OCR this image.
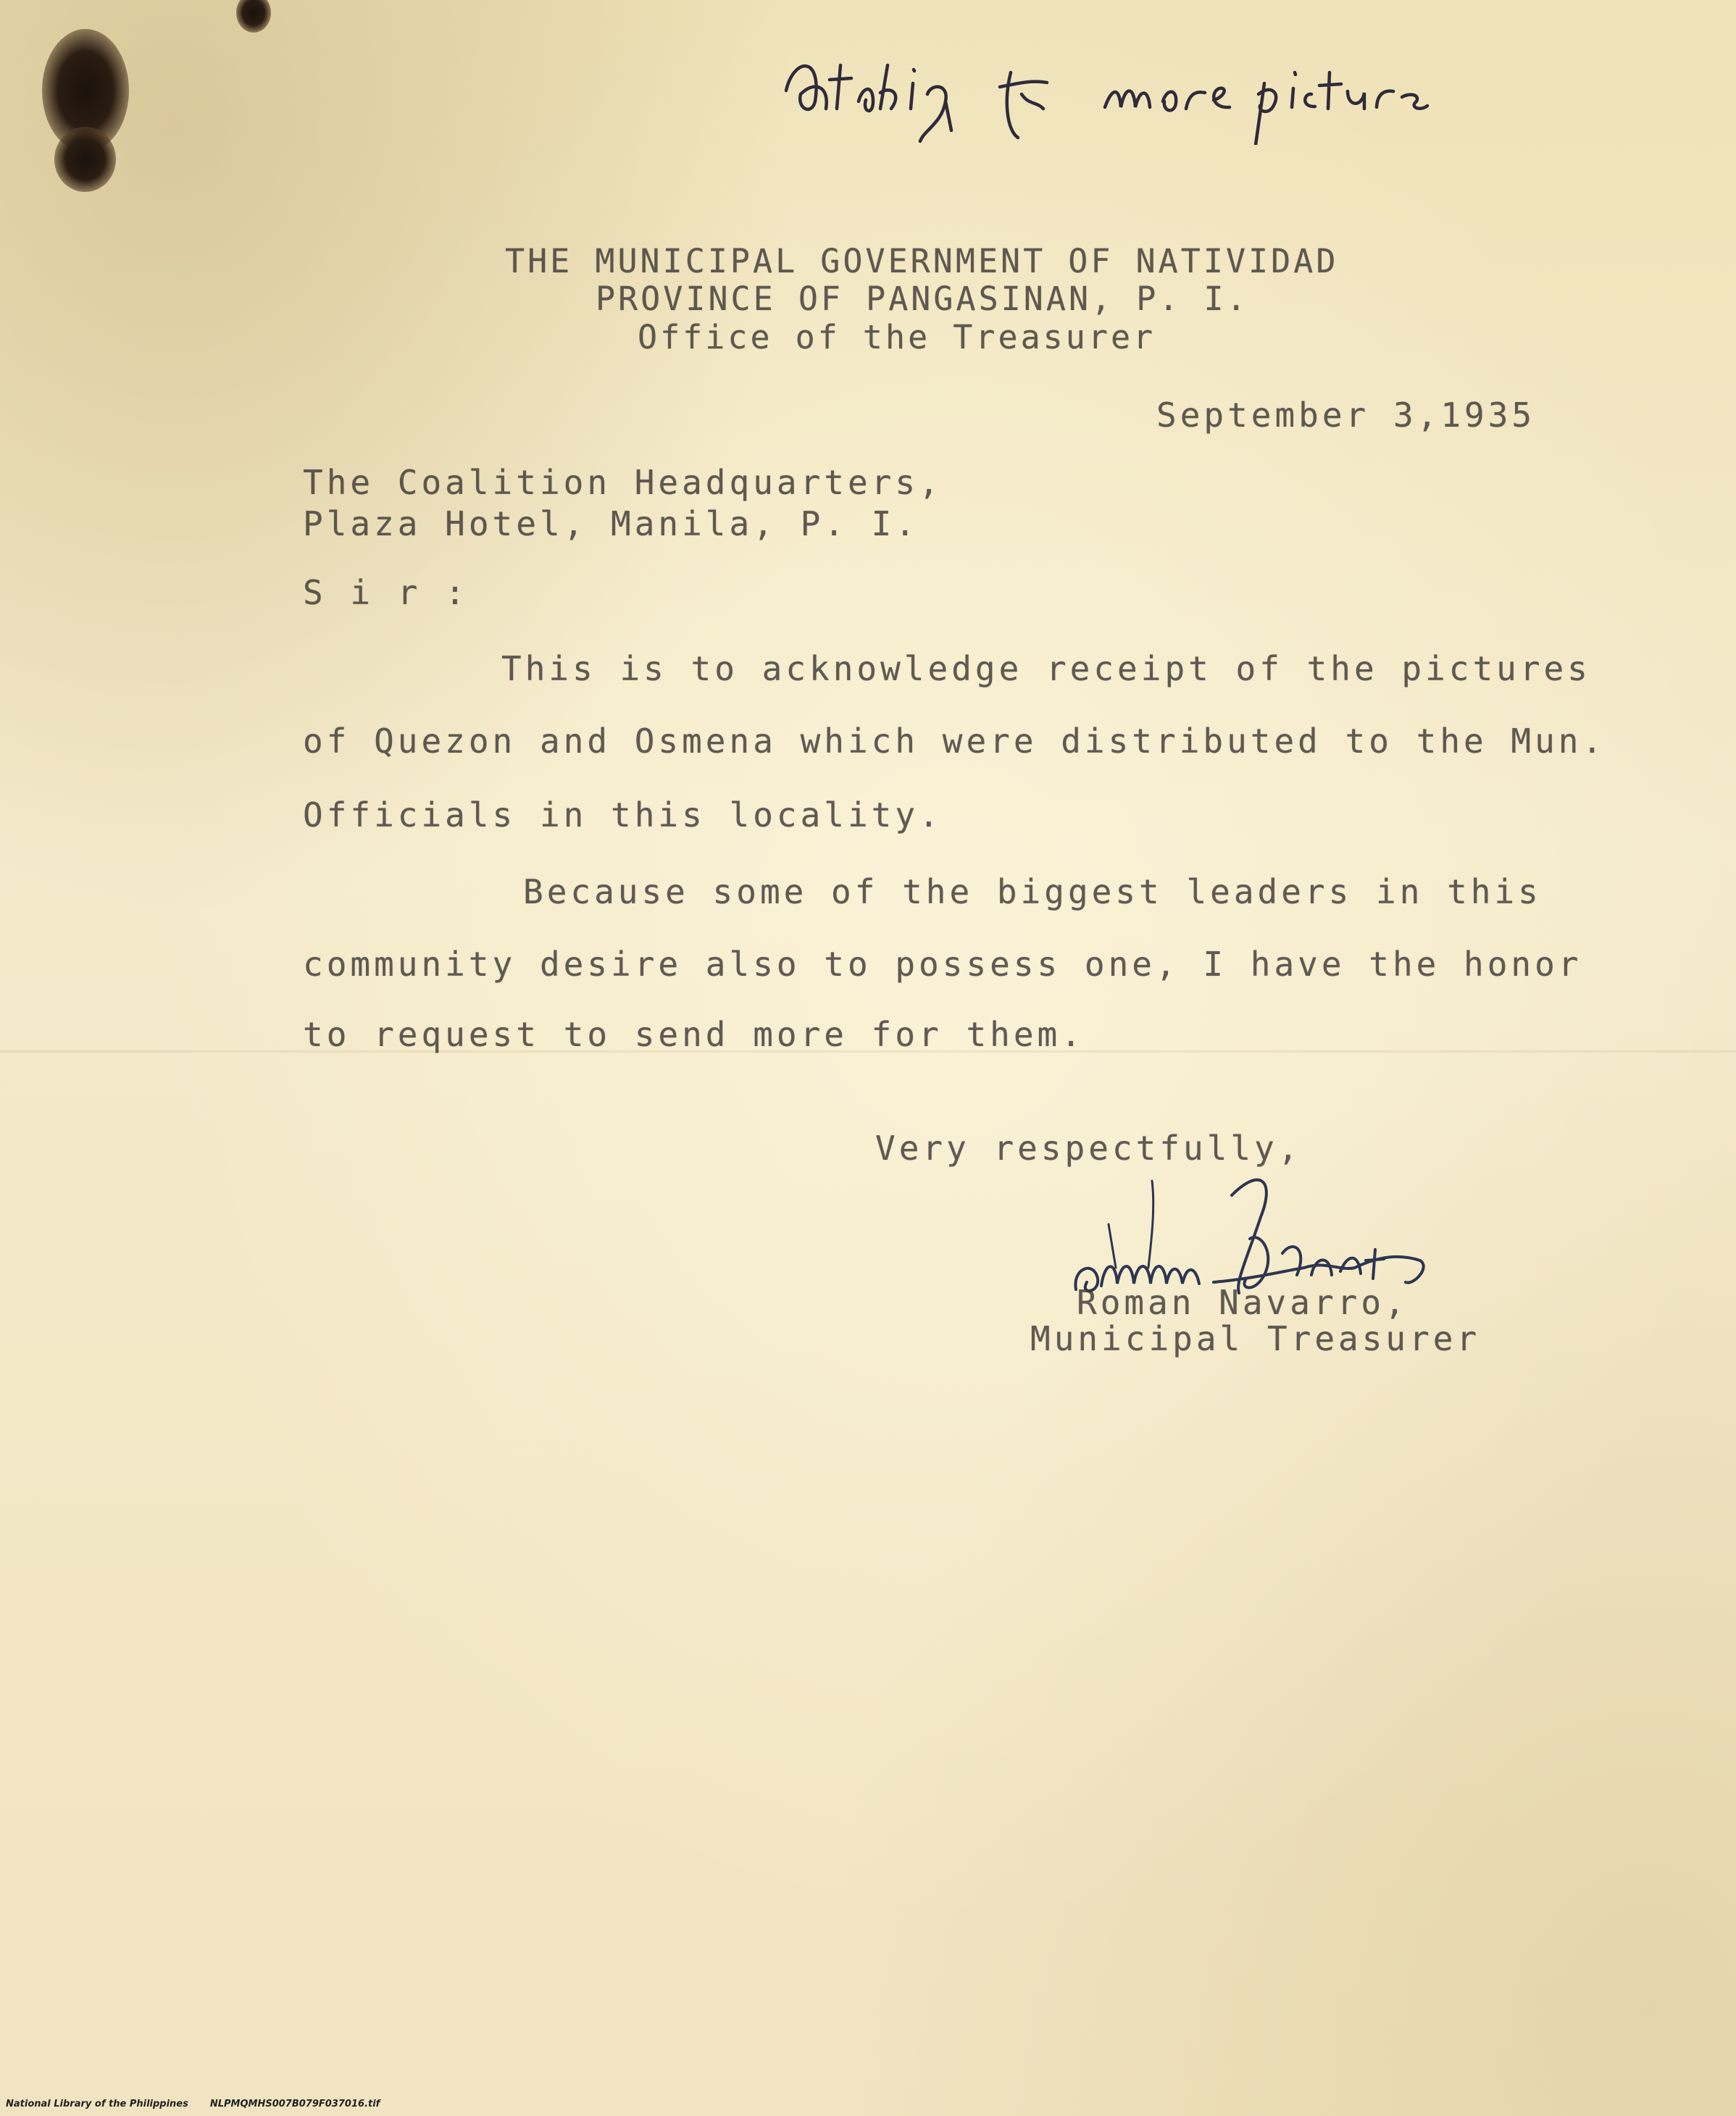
THE MUNICIPAL GOVERNMENT OF NATIVIDAD
PROVINCE OF PANGASINAN, P. I.
Office of the Treasurer
September 3,1935
The Coalition Headquarters,
Plaza Hotel, Manila, P. I.
S i r :
This is to acknowledge receipt of the pictures
of Quezon and Osmena which were distributed to the Mun.
Officials in this locality.
Because some of the biggest leaders in this
community desire also to possess one, I have the honor
to request to send more for them.
Very respectfully,
Roman Navarro,
Municipal Treasurer
National Library of the Philippines NLPMQMHS007B079F037016.tif
